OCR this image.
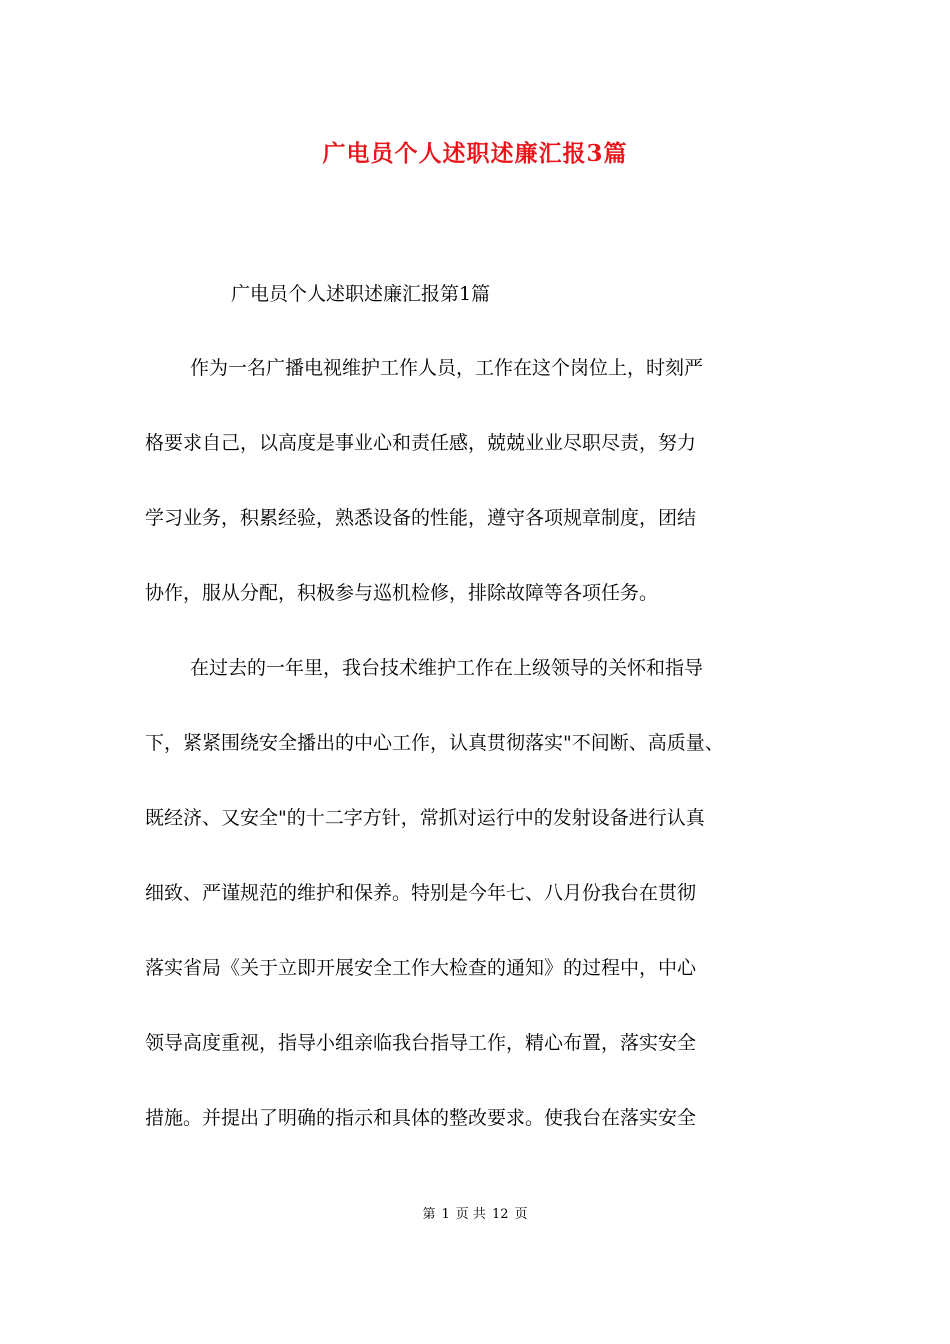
广电员个人述职述廉汇报3篇

广电员个人述职述廉汇报第1篇

作为一名广播电视维护工作人员，工作在这个岗位上，时刻严

格要求自己，以高度是事业心和责任感，兢兢业业尽职尽责，努力

学习业务，积累经验，熟悉设备的性能，遵守各项规章制度，团结

协作，服从分配，积极参与巡机检修，排除故障等各项任务。

在过去的一年里，我台技术维护工作在上级领导的关怀和指导

下，紧紧围绕安全播出的中心工作，认真贯彻落实"不间断、高质量、

既经济、又安全"的十二字方针，常抓对运行中的发射设备进行认真

细致、严谨规范的维护和保养。特别是今年七、八月份我台在贯彻

落实省局《关于立即开展安全工作大检查的通知》的过程中，中心

领导高度重视，指导小组亲临我台指导工作，精心布置，落实安全

措施。并提出了明确的指示和具体的整改要求。使我台在落实安全

第 1 页 共 12 页
